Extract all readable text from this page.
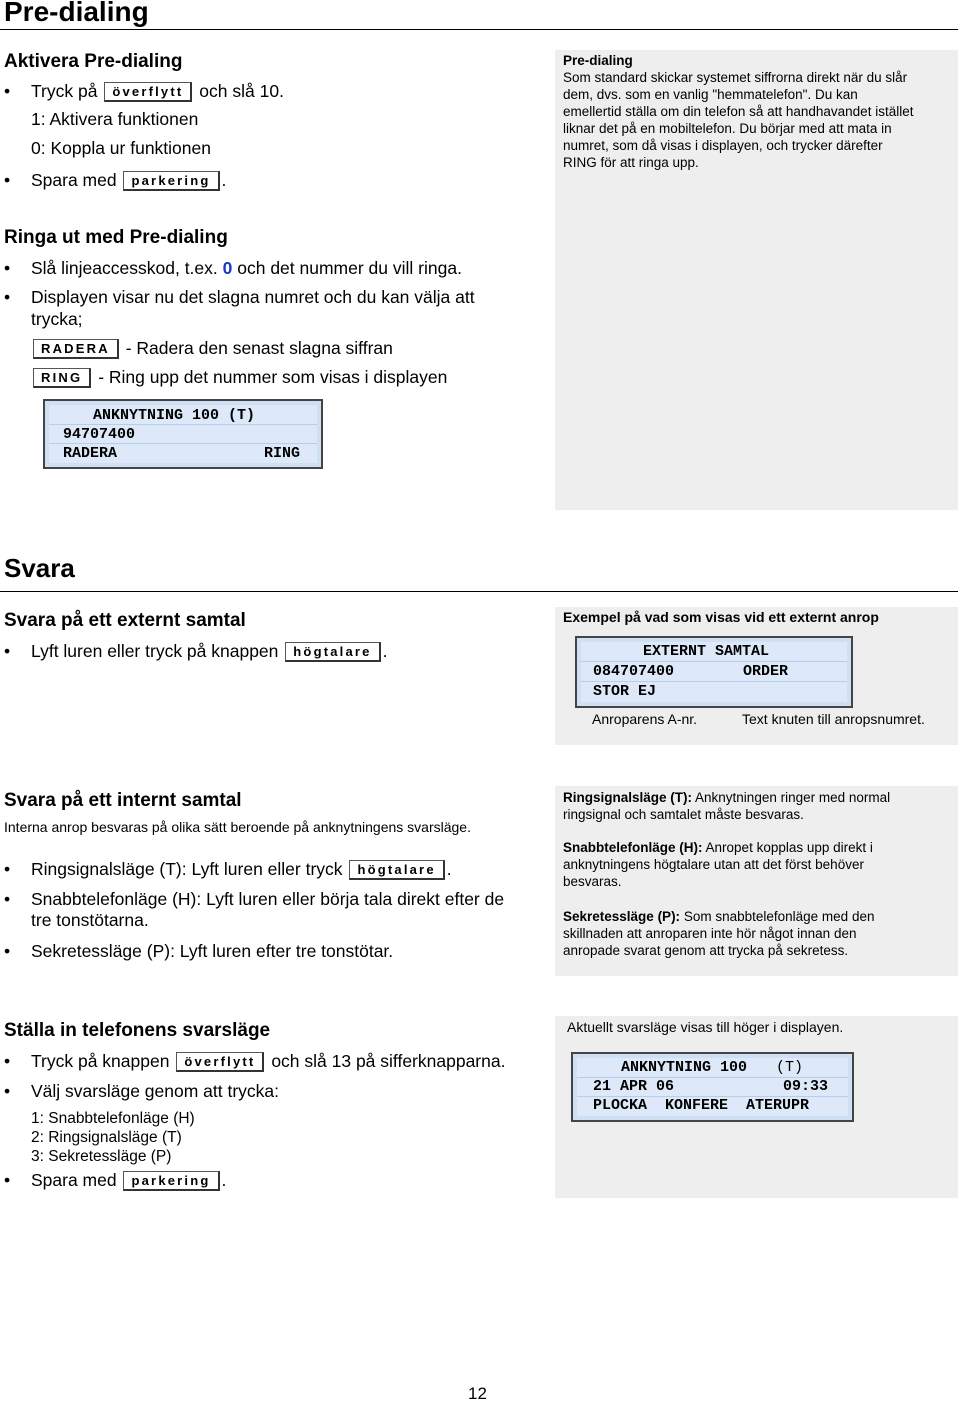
Pre-dialing
Aktivera Pre-dialing
• Tryck på överflytt och slå 10.
1: Aktivera funktionen
0: Koppla ur funktionen
• Spara med parkering .
Pre-dialing
Som standard skickar systemet siffrorna direkt när du slår
dem, dvs. som en vanlig "hemmatelefon". Du kan
emellertid ställa om din telefon så att handhavandet istället
liknar det på en mobiltelefon. Du börjar med att mata in
numret, som då visas i displayen, och trycker därefter
RING för att ringa upp.
Ringa ut med Pre-dialing
• Slå linjeaccesskod, t.ex. 0 och det nummer du vill ringa.
• Displayen visar nu det slagna numret och du kan välja att
trycka;
RADERA - Radera den senast slagna siffran
RING - Ring upp det nummer som visas i displayen
ANKNYTNING 100 (T)
94707400
RADERA	RING
Svara
Svara på ett externt samtal
• Lyft luren eller tryck på knappen högtalare .
Exempel på vad som visas vid ett externt anrop
EXTERNT SAMTAL
084707400	ORDER
STOR EJ
Anroparens A-nr.	Text knuten till anropsnumret.
Svara på ett internt samtal
Interna anrop besvaras på olika sätt beroende på anknytningens svarsläge.
• Ringsignalsläge (T): Lyft luren eller tryck högtalare .
• Snabbtelefonläge (H): Lyft luren eller börja tala direkt efter de
tre tonstötarna.
• Sekretessläge (P): Lyft luren efter tre tonstötar.
Ringsignalsläge (T): Anknytningen ringer med normal
ringsignal och samtalet måste besvaras.
Snabbtelefonläge (H): Anropet kopplas upp direkt i
anknytningens högtalare utan att det först behöver
besvaras.
Sekretessläge (P): Som snabbtelefonläge med den
skillnaden att anroparen inte hör något innan den
anropade svarat genom att trycka på sekretess.
Ställa in telefonens svarsläge
• Tryck på knappen överflytt och slå 13 på sifferknapparna.
• Välj svarsläge genom att trycka:
1: Snabbtelefonläge (H)
2: Ringsignalsläge (T)
3: Sekretessläge (P)
• Spara med parkering .
Aktuellt svarsläge visas till höger i displayen.
ANKNYTNING 100 (T)
21 APR 06	09:33
PLOCKA  KONFERE  ATERUPR
12
